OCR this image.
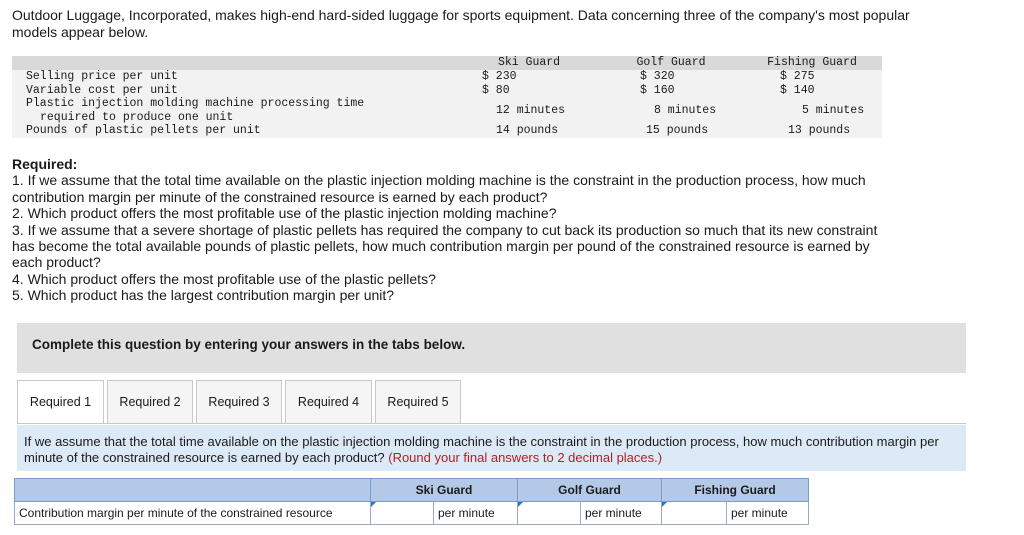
Outdoor Luggage, Incorporated, makes high-end hard-sided luggage for sports equipment. Data concerning three of the company's most popular models appear below.
	Ski Guard	Golf Guard	Fishing Guard
Selling price per unit	$ 230	$ 320	$ 275
Variable cost per unit	$ 80	$ 160	$ 140
Plastic injection molding machine processing time
required to produce one unit	12 minutes	8 minutes	5 minutes
Pounds of plastic pellets per unit	14 pounds	15 pounds	13 pounds
Required:
1. If we assume that the total time available on the plastic injection molding machine is the constraint in the production process, how much contribution margin per minute of the constrained resource is earned by each product?
2. Which product offers the most profitable use of the plastic injection molding machine?
3. If we assume that a severe shortage of plastic pellets has required the company to cut back its production so much that its new constraint has become the total available pounds of plastic pellets, how much contribution margin per pound of the constrained resource is earned by each product?
4. Which product offers the most profitable use of the plastic pellets?
5. Which product has the largest contribution margin per unit?
Complete this question by entering your answers in the tabs below.
Required 1	Required 2	Required 3	Required 4	Required 5

If we assume that the total time available on the plastic injection molding machine is the constraint in the production process, how much contribution margin per minute of the constrained resource is earned by each product? (Round your final answers to 2 decimal places.)

	Ski Guard		Golf Guard		Fishing Guard	
Contribution margin per minute of the constrained resource		per minute		per minute		per minute
